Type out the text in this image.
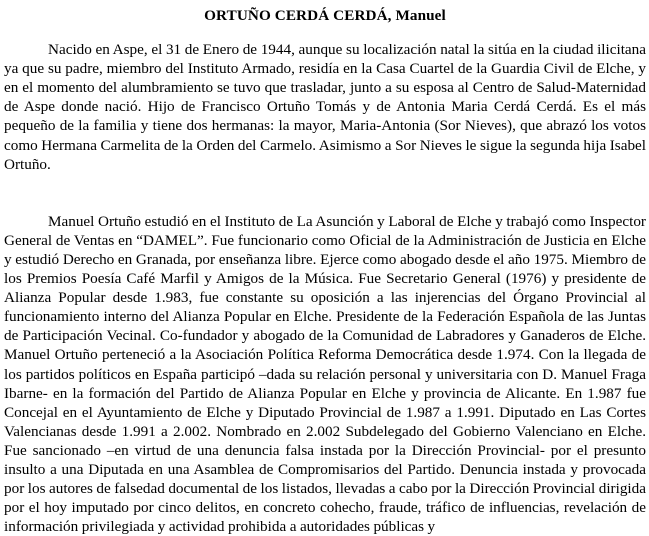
ORTUÑO CERDÁ CERDÁ, Manuel

Nacido en Aspe, el 31 de Enero de 1944, aunque su localización natal la sitúa en la ciudad ilicitana ya que su padre, miembro del Instituto Armado, residía en la Casa Cuartel de la Guardia Civil de Elche, y en el momento del alumbramiento se tuvo que trasladar, junto a su esposa al Centro de Salud-Maternidad de Aspe donde nació. Hijo de Francisco Ortuño Tomás y de Antonia Maria Cerdá Cerdá. Es el más pequeño de la familia y tiene dos hermanas: la mayor, Maria-Antonia (Sor Nieves), que abrazó los votos como Hermana Carmelita de la Orden del Carmelo. Asimismo a Sor Nieves le sigue la segunda hija Isabel Ortuño.

Manuel Ortuño estudió en el Instituto de La Asunción y Laboral de Elche y trabajó como Inspector General de Ventas en “DAMEL”. Fue funcionario como Oficial de la Administración de Justicia en Elche y estudió Derecho en Granada, por enseñanza libre. Ejerce como abogado desde el año 1975. Miembro de los Premios Poesía Café Marfil y Amigos de la Música. Fue Secretario General (1976) y presidente de Alianza Popular desde 1.983, fue constante su oposición a las injerencias del Órgano Provincial al funcionamiento interno del Alianza Popular en Elche. Presidente de la Federación Española de las Juntas de Participación Vecinal. Co-fundador y abogado de la Comunidad de Labradores y Ganaderos de Elche. Manuel Ortuño perteneció a la Asociación Política Reforma Democrática desde 1.974. Con la llegada de los partidos políticos en España participó –dada su relación personal y universitaria con D. Manuel Fraga Ibarne- en la formación del Partido de Alianza Popular en Elche y provincia de Alicante. En 1.987 fue Concejal en el Ayuntamiento de Elche y Diputado Provincial de 1.987 a 1.991. Diputado en Las Cortes Valencianas desde 1.991 a 2.002. Nombrado en 2.002 Subdelegado del Gobierno Valenciano en Elche. Fue sancionado –en virtud de una denuncia falsa instada por la Dirección Provincial- por el presunto insulto a una Diputada en una Asamblea de Compromisarios del Partido. Denuncia instada y provocada por los autores de falsedad documental de los listados, llevadas a cabo por la Dirección Provincial dirigida por el hoy imputado por cinco delitos, en concreto cohecho, fraude, tráfico de influencias, revelación de información privilegiada y actividad prohibida a autoridades públicas y
